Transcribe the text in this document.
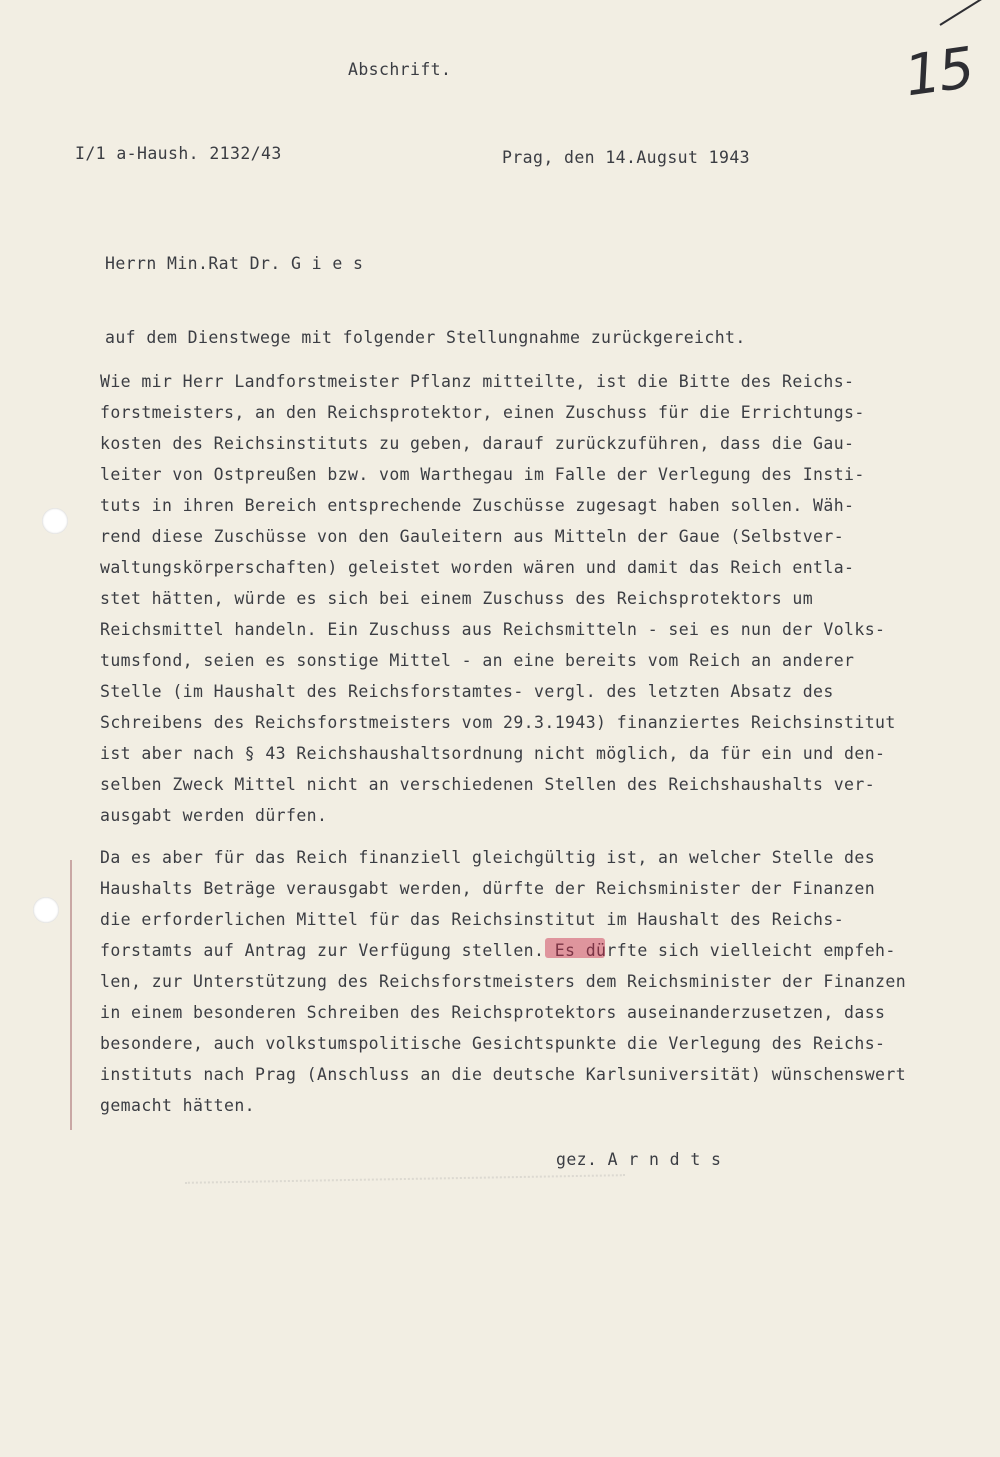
15
Abschrift.
I/1 a-Haush. 2132/43	Prag, den 14.Augsut 1943
Herrn Min.Rat Dr. G i e s
auf dem Dienstwege mit folgender Stellungnahme zurückgereicht.
Wie mir Herr Landforstmeister Pflanz mitteilte, ist die Bitte des Reichs-
forstmeisters, an den Reichsprotektor, einen Zuschuss für die Errichtungs-
kosten des Reichsinstituts zu geben, darauf zurückzuführen, dass die Gau-
leiter von Ostpreußen bzw. vom Warthegau im Falle der Verlegung des Insti-
tuts in ihren Bereich entsprechende Zuschüsse zugesagt haben sollen. Wäh-
rend diese Zuschüsse von den Gauleitern aus Mitteln der Gaue (Selbstver-
waltungskörperschaften) geleistet worden wären und damit das Reich entla-
stet hätten, würde es sich bei einem Zuschuss des Reichsprotektors um
Reichsmittel handeln. Ein Zuschuss aus Reichsmitteln - sei es nun der Volks-
tumsfond, seien es sonstige Mittel - an eine bereits vom Reich an anderer
Stelle (im Haushalt des Reichsforstamtes- vergl. des letzten Absatz des
Schreibens des Reichsforstmeisters vom 29.3.1943) finanziertes Reichsinstitut
ist aber nach § 43 Reichshaushaltsordnung nicht möglich, da für ein und den-
selben Zweck Mittel nicht an verschiedenen Stellen des Reichshaushalts ver-
ausgabt werden dürfen.
Da es aber für das Reich finanziell gleichgültig ist, an welcher Stelle des
Haushalts Beträge verausgabt werden, dürfte der Reichsminister der Finanzen
die erforderlichen Mittel für das Reichsinstitut im Haushalt des Reichs-
forstamts auf Antrag zur Verfügung stellen. Es dürfte sich vielleicht empfeh-
len, zur Unterstützung des Reichsforstmeisters dem Reichsminister der Finanzen
in einem besonderen Schreiben des Reichsprotektors auseinanderzusetzen, dass
besondere, auch volkstumspolitische Gesichtspunkte die Verlegung des Reichs-
instituts nach Prag (Anschluss an die deutsche Karlsuniversität) wünschenswert
gemacht hätten.
gez. A r n d t s
